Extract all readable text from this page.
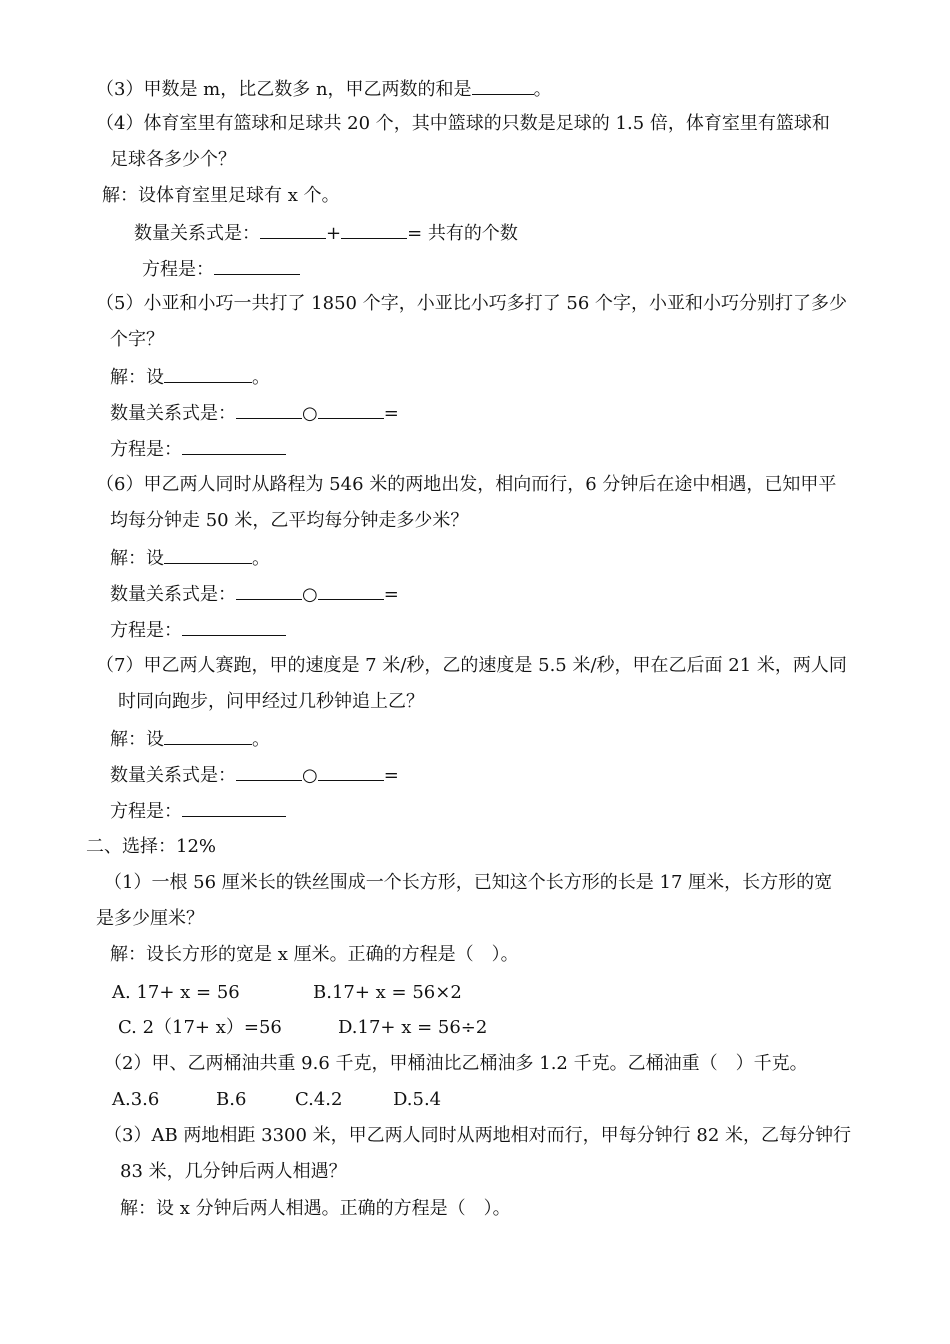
（3）甲数是 m，比乙数多 n，甲乙两数的和是	。
（4）体育室里有篮球和足球共 20 个，其中篮球的只数是足球的 1.5 倍，体育室里有篮球和
足球各多少个？
解：设体育室里足球有 x 个。
数量关系式是：	+	= 共有的个数
方程是：
（5）小亚和小巧一共打了 1850 个字，小亚比小巧多打了 56 个字，小亚和小巧分别打了多少
个字？
解：设	。
数量关系式是：	○	=
方程是：
（6）甲乙两人同时从路程为 546 米的两地出发，相向而行，6 分钟后在途中相遇，已知甲平
均每分钟走 50 米，乙平均每分钟走多少米？
解：设	。
数量关系式是：	○	=
方程是：
（7）甲乙两人赛跑，甲的速度是 7 米/秒，乙的速度是 5.5 米/秒，甲在乙后面 21 米，两人同
时同向跑步，问甲经过几秒钟追上乙？
解：设	。
数量关系式是：	○	=
方程是：
二、选择：12%
（1）一根 56 厘米长的铁丝围成一个长方形，已知这个长方形的长是 17 厘米，长方形的宽
是多少厘米？
解：设长方形的宽是 x 厘米。正确的方程是（　）。
A. 17+ x = 56	B.17+ x = 56×2
C. 2（17+ x）=56	D.17+ x = 56÷2
（2）甲、乙两桶油共重 9.6 千克，甲桶油比乙桶油多 1.2 千克。乙桶油重（　）千克。
A.3.6	B.6	C.4.2	D.5.4
（3）AB 两地相距 3300 米，甲乙两人同时从两地相对而行，甲每分钟行 82 米，乙每分钟行
83 米，几分钟后两人相遇？
解：设 x 分钟后两人相遇。正确的方程是（　）。
